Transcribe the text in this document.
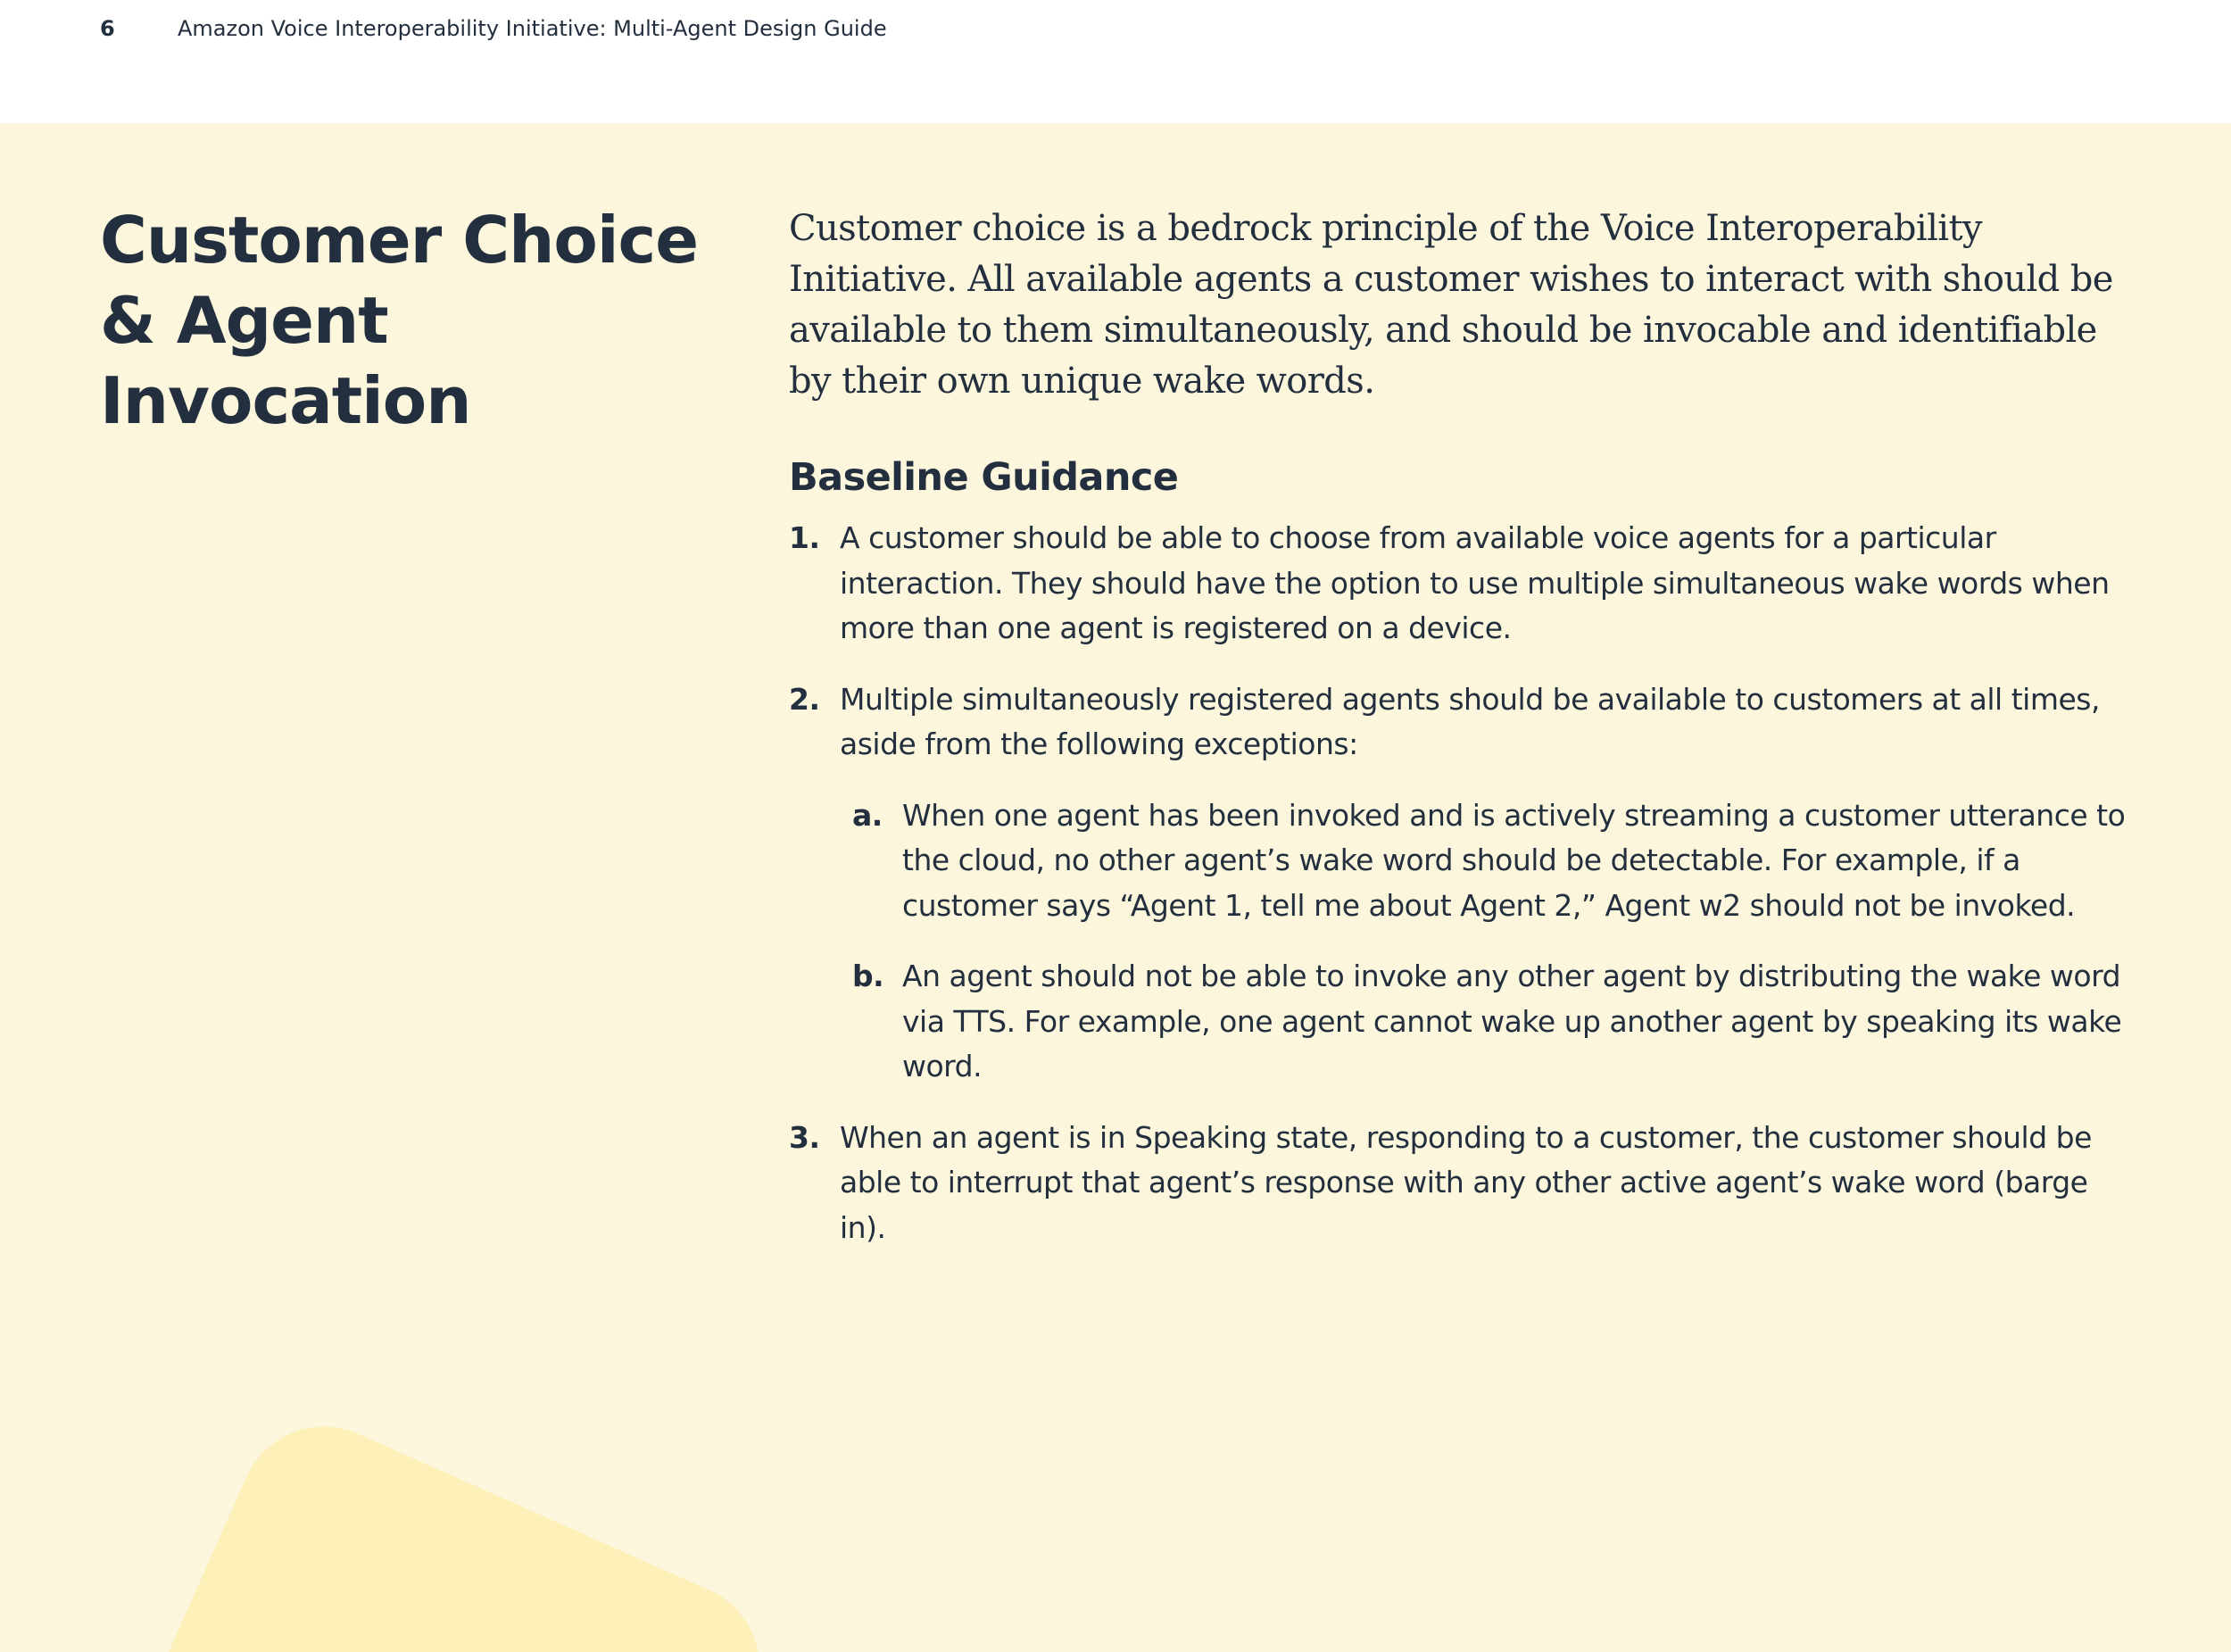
6	Amazon Voice Interoperability Initiative: Multi-Agent Design Guide
Customer Choice & Agent Invocation

Customer choice is a bedrock principle of the Voice Interoperability Initiative. All available agents a customer wishes to interact with should be available to them simultaneously, and should be invocable and identifiable by their own unique wake words.

Baseline Guidance
1. A customer should be able to choose from available voice agents for a particular interaction. They should have the option to use multiple simultaneous wake words when more than one agent is registered on a device.
2. Multiple simultaneously registered agents should be available to customers at all times, aside from the following exceptions:
a. When one agent has been invoked and is actively streaming a customer utterance to the cloud, no other agent’s wake word should be detectable. For example, if a customer says “Agent 1, tell me about Agent 2,” Agent w2 should not be invoked.
b. An agent should not be able to invoke any other agent by distributing the wake word via TTS. For example, one agent cannot wake up another agent by speaking its wake word.
3. When an agent is in Speaking state, responding to a customer, the customer should be able to interrupt that agent’s response with any other active agent’s wake word (barge in).
